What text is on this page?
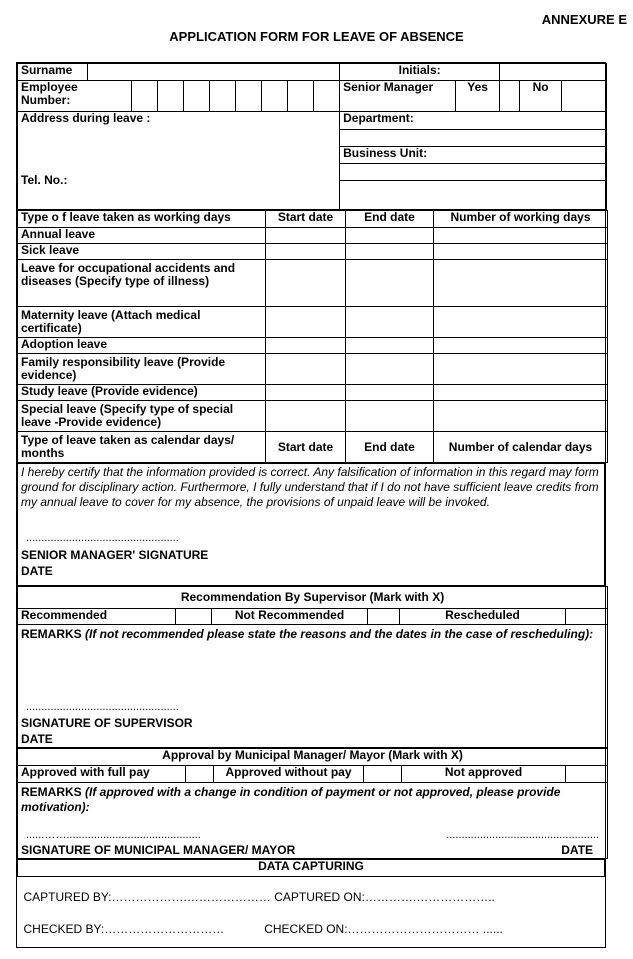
ANNEXURE E
APPLICATION FORM FOR LEAVE OF ABSENCE
Surname										Initials:				
Employee Number:										Senior Manager	Yes		No	

Address during leave :
Tel. No.:										Department:				

										Business Unit:				

Type o f leave taken as working days	Start date	End date	Number of working days
Annual leave			
Sick leave			
Leave for occupational accidents and diseases (Specify type of illness)			
Maternity leave (Attach medical certificate)			
Adoption leave			
Family responsibility leave (Provide evidence)			
Study leave (Provide evidence)			
Special leave (Specify type of special leave -Provide evidence)			
Type of leave taken as calendar days/ months	Start date	End date	Number of calendar days
I hereby certify that the information provided is correct. Any falsification of information in this regard may form ground for disciplinary action. Furthermore, I fully understand that if I do not have sufficient leave credits from my annual leave to cover for my absence, the provisions of unpaid leave will be invoked.
..................................................
SENIOR MANAGER' SIGNATURE
DATE
Recommendation By Supervisor (Mark with X)
Recommended		Not Recommended		Rescheduled	

REMARKS (If not recommended please state the reasons and the dates in the case of rescheduling):
..................................................
SIGNATURE OF SUPERVISOR
DATE
Approval by Municipal Manager/ Mayor (Mark with X)
Approved with full pay		Approved without pay		Not approved	

REMARKS (If approved with a change in condition of payment or not approved, please provide motivation):
......……............................................	..................................................
SIGNATURE OF MUNICIPAL MANAGER/ MAYOR	DATE
DATA CAPTURING

CAPTURED BY:……………….………………… CAPTURED ON:………….………………..
CHECKED BY:…………………………            CHECKED ON:…………………………… ......
